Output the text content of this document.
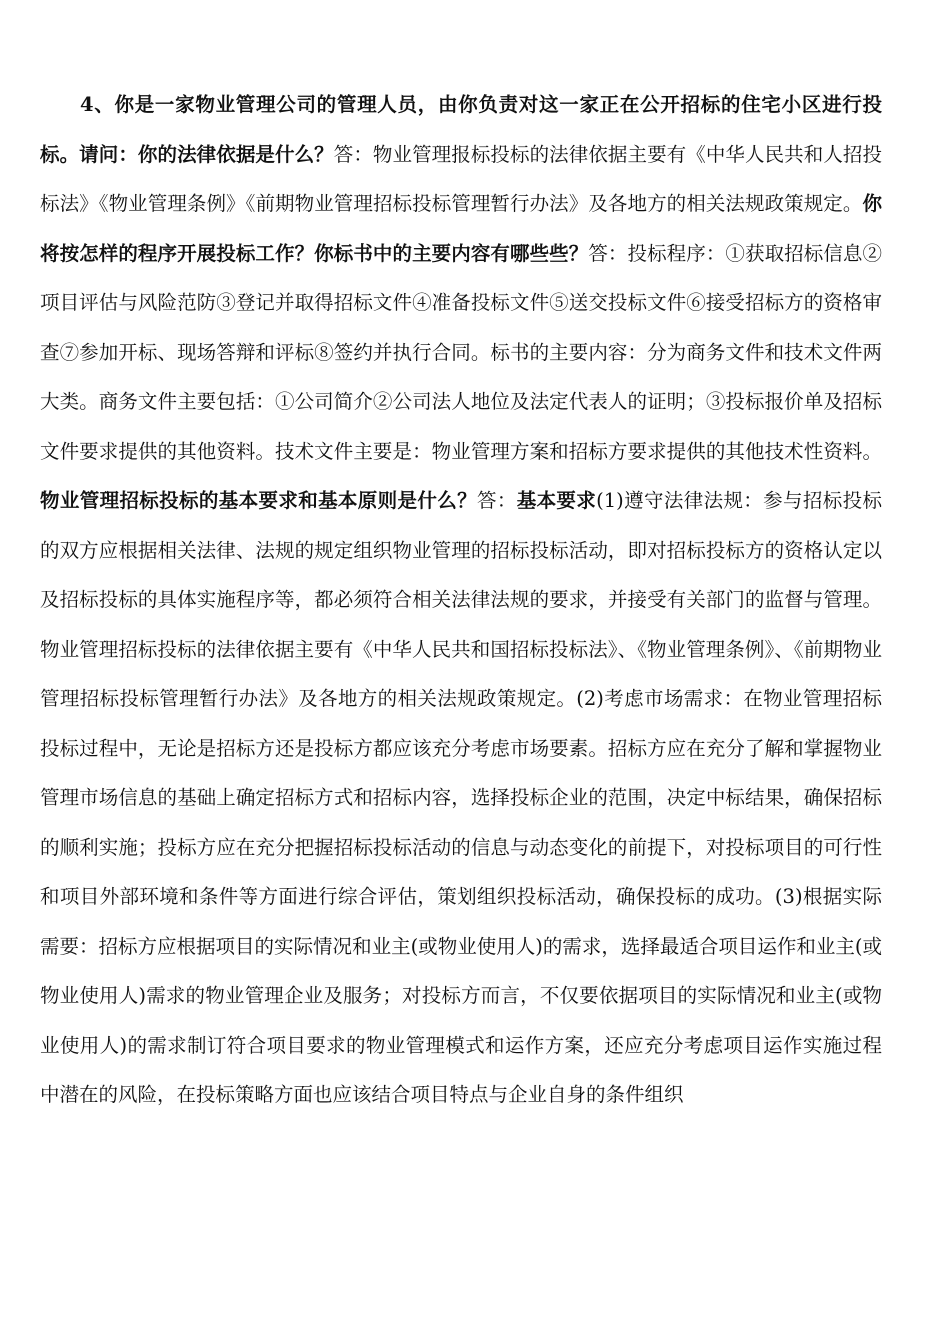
4、你是一家物业管理公司的管理人员，由你负责对这一家正在公开招标的住宅小区进行投标。请问：你的法律依据是什么？答：物业管理报标投标的法律依据主要有《中华人民共和人招投标法》《物业管理条例》《前期物业管理招标投标管理暂行办法》及各地方的相关法规政策规定。你将按怎样的程序开展投标工作？你标书中的主要内容有哪些些？答：投标程序：①获取招标信息②项目评估与风险范防③登记并取得招标文件④准备投标文件⑤送交投标文件⑥接受招标方的资格审查⑦参加开标、现场答辩和评标⑧签约并执行合同。标书的主要内容：分为商务文件和技术文件两大类。商务文件主要包括：①公司简介②公司法人地位及法定代表人的证明；③投标报价单及招标文件要求提供的其他资料。技术文件主要是：物业管理方案和招标方要求提供的其他技术性资料。物业管理招标投标的基本要求和基本原则是什么？答：基本要求(1)遵守法律法规：参与招标投标的双方应根据相关法律、法规的规定组织物业管理的招标投标活动，即对招标投标方的资格认定以及招标投标的具体实施程序等，都必须符合相关法律法规的要求，并接受有关部门的监督与管理。物业管理招标投标的法律依据主要有《中华人民共和国招标投标法》、《物业管理条例》、《前期物业管理招标投标管理暂行办法》及各地方的相关法规政策规定。(2)考虑市场需求：在物业管理招标投标过程中，无论是招标方还是投标方都应该充分考虑市场要素。招标方应在充分了解和掌握物业管理市场信息的基础上确定招标方式和招标内容，选择投标企业的范围，决定中标结果，确保招标的顺利实施；投标方应在充分把握招标投标活动的信息与动态变化的前提下，对投标项目的可行性和项目外部环境和条件等方面进行综合评估，策划组织投标活动，确保投标的成功。(3)根据实际需要：招标方应根据项目的实际情况和业主(或物业使用人)的需求，选择最适合项目运作和业主(或物业使用人)需求的物业管理企业及服务；对投标方而言，不仅要依据项目的实际情况和业主(或物业使用人)的需求制订符合项目要求的物业管理模式和运作方案，还应充分考虑项目运作实施过程中潜在的风险，在投标策略方面也应该结合项目特点与企业自身的条件组织
